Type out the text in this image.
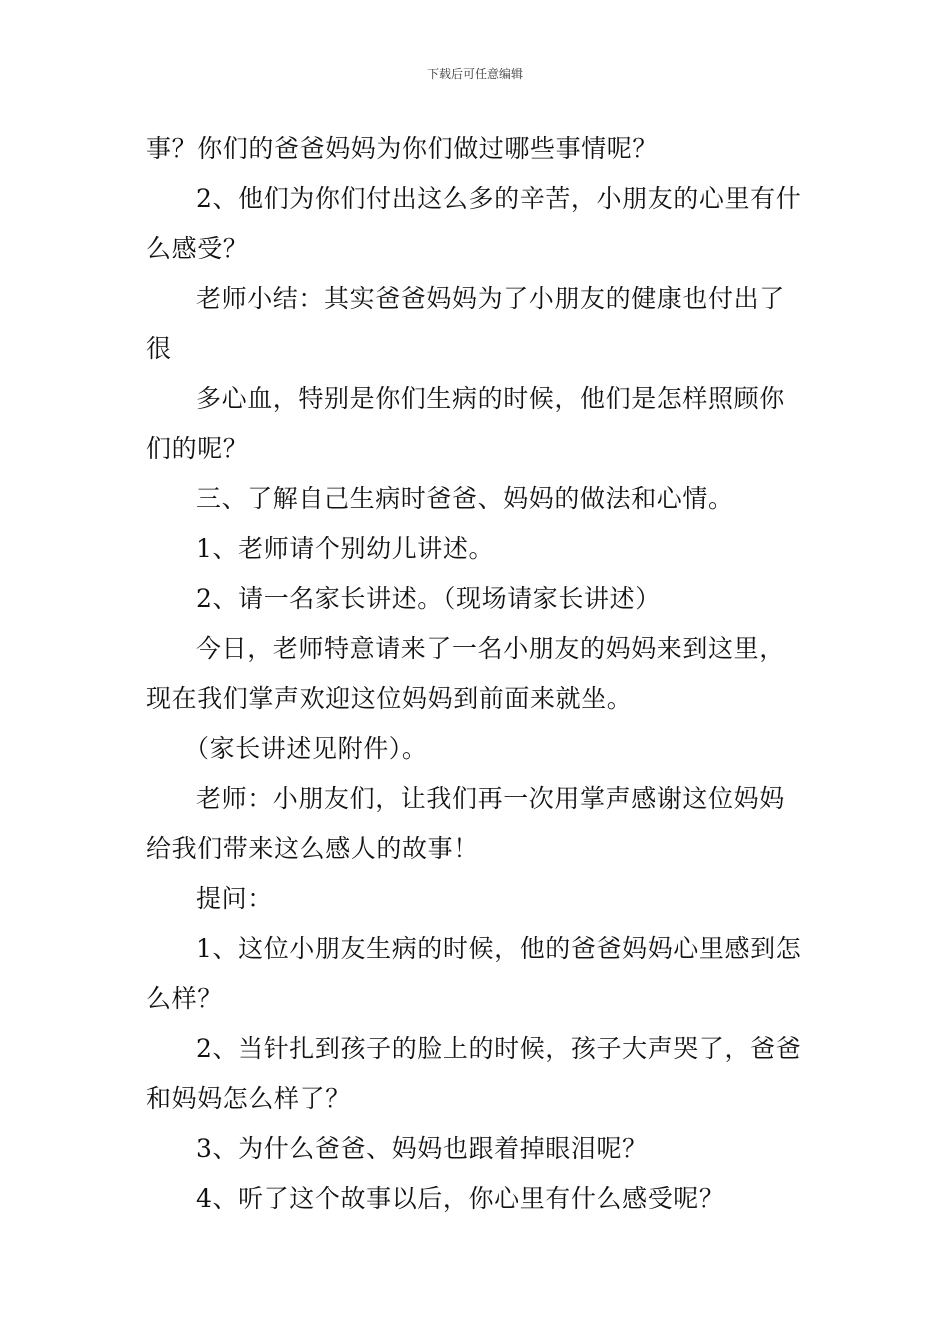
下载后可任意编辑

事？你们的爸爸妈妈为你们做过哪些事情呢？

2、他们为你们付出这么多的辛苦，小朋友的心里有什

么感受？

老师小结：其实爸爸妈妈为了小朋友的健康也付出了

很

多心血，特别是你们生病的时候，他们是怎样照顾你

们的呢？

三、了解自己生病时爸爸、妈妈的做法和心情。

1、老师请个别幼儿讲述。

2、请一名家长讲述。（现场请家长讲述）

今日，老师特意请来了一名小朋友的妈妈来到这里，

现在我们掌声欢迎这位妈妈到前面来就坐。

（家长讲述见附件）。

老师：小朋友们，让我们再一次用掌声感谢这位妈妈

给我们带来这么感人的故事！

提问：

1、这位小朋友生病的时候，他的爸爸妈妈心里感到怎

么样？

2、当针扎到孩子的脸上的时候，孩子大声哭了，爸爸

和妈妈怎么样了？

3、为什么爸爸、妈妈也跟着掉眼泪呢？

4、听了这个故事以后，你心里有什么感受呢？
